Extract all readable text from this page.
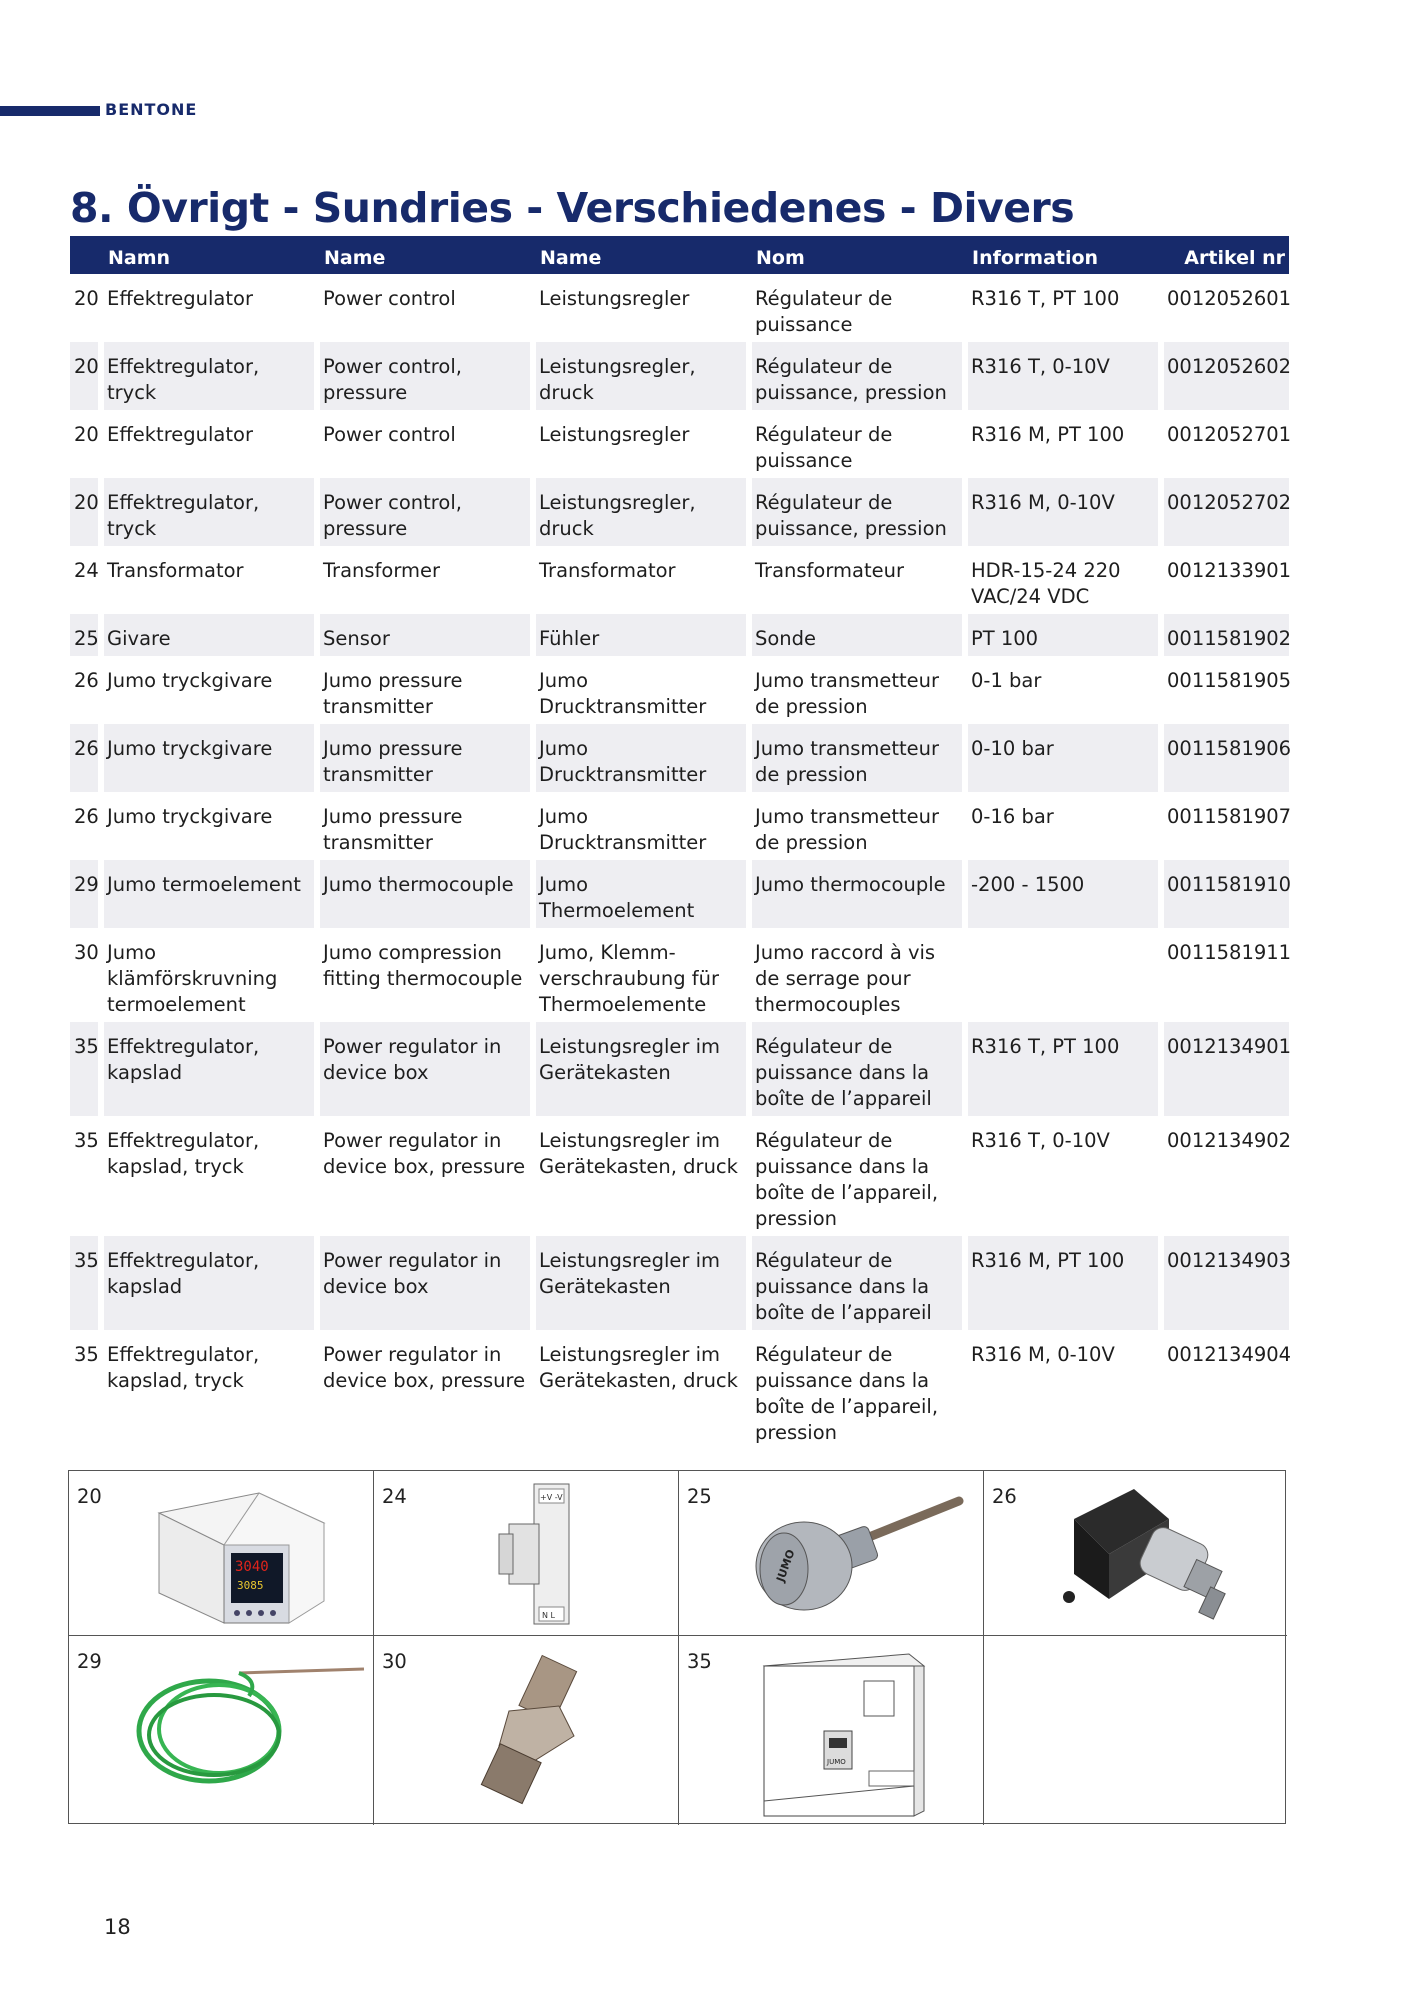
BENTONE
8. Övrigt - Sundries - Verschiedenes - Divers
	Namn	Name	Name	Nom	Information	Artikel nr
20	Effektregulator	Power control	Leistungsregler	Régulateur de puissance	R316 T, PT 100	0012052601
20	Effektregulator, tryck	Power control, pressure	Leistungsregler, druck	Régulateur de puissance, pression	R316 T, 0-10V	0012052602
20	Effektregulator	Power control	Leistungsregler	Régulateur de puissance	R316 M, PT 100	0012052701
20	Effektregulator, tryck	Power control, pressure	Leistungsregler, druck	Régulateur de puissance, pression	R316 M, 0-10V	0012052702
24	Transformator	Transformer	Transformator	Transformateur	HDR-15-24 220 VAC/24 VDC	0012133901
25	Givare	Sensor	Fühler	Sonde	PT 100	0011581902
26	Jumo tryckgivare	Jumo pressure transmitter	Jumo Drucktransmitter	Jumo transmetteur de pression	0-1 bar	0011581905
26	Jumo tryckgivare	Jumo pressure transmitter	Jumo Drucktransmitter	Jumo transmetteur de pression	0-10 bar	0011581906
26	Jumo tryckgivare	Jumo pressure transmitter	Jumo Drucktransmitter	Jumo transmetteur de pression	0-16 bar	0011581907
29	Jumo termoelement	Jumo thermocouple	Jumo Thermoelement	Jumo thermocouple	-200 - 1500	0011581910
30	Jumo klämförskruvning termoelement	Jumo compression fitting thermocouple	Jumo, Klemm-verschraubung für Thermoelemente	Jumo raccord à vis de serrage pour thermocouples		0011581911
35	Effektregulator, kapslad	Power regulator in device box	Leistungsregler im Gerätekasten	Régulateur de puissance dans la boîte de l’appareil	R316 T, PT 100	0012134901
35	Effektregulator, kapslad, tryck	Power regulator in device box, pressure	Leistungsregler im Gerätekasten, druck	Régulateur de puissance dans la boîte de l’appareil, pression	R316 T, 0-10V	0012134902
35	Effektregulator, kapslad	Power regulator in device box	Leistungsregler im Gerätekasten	Régulateur de puissance dans la boîte de l’appareil	R316 M, PT 100	0012134903
35	Effektregulator, kapslad, tryck	Power regulator in device box, pressure	Leistungsregler im Gerätekasten, druck	Régulateur de puissance dans la boîte de l’appareil, pression	R316 M, 0-10V	0012134904
20
3040
3085
24	+V -V
N L
25
JUMO
26
29	30	35
JUMO
18
